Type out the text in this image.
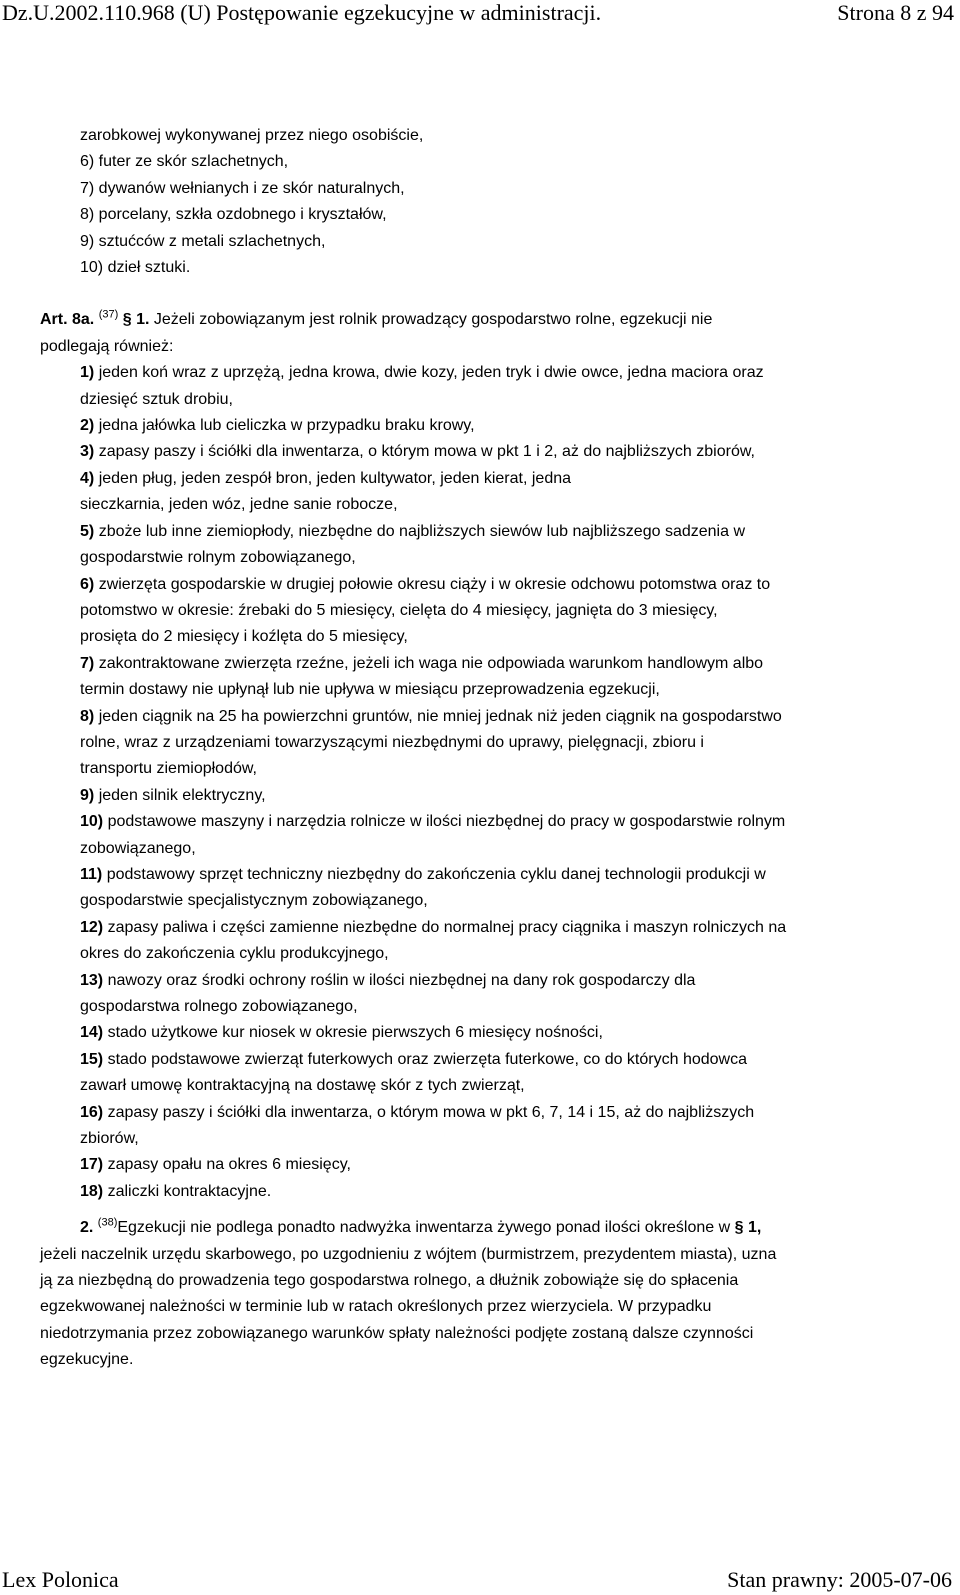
Dz.U.2002.110.968 (U) Postępowanie egzekucyjne w administracji.	Strona 8 z 94
zarobkowej wykonywanej przez niego osobiście,
6) futer ze skór szlachetnych,
7) dywanów wełnianych i ze skór naturalnych,
8) porcelany, szkła ozdobnego i kryształów,
9) sztućców z metali szlachetnych,
10) dzieł sztuki.
Art. 8a. $^{(37)}$ § 1. Jeżeli zobowiązanym jest rolnik prowadzący gospodarstwo rolne, egzekucji nie
podlegają również:
1) jeden koń wraz z uprzężą, jedna krowa, dwie kozy, jeden tryk i dwie owce, jedna maciora oraz
dziesięć sztuk drobiu,
2) jedna jałówka lub cieliczka w przypadku braku krowy,
3) zapasy paszy i ściółki dla inwentarza, o którym mowa w pkt 1 i 2, aż do najbliższych zbiorów,
4) jeden pług, jeden zespół bron, jeden kultywator, jeden kierat, jedna
sieczkarnia, jeden wóz, jedne sanie robocze,
5) zboże lub inne ziemiopłody, niezbędne do najbliższych siewów lub najbliższego sadzenia w
gospodarstwie rolnym zobowiązanego,
6) zwierzęta gospodarskie w drugiej połowie okresu ciąży i w okresie odchowu potomstwa oraz to
potomstwo w okresie: źrebaki do 5 miesięcy, cielęta do 4 miesięcy, jagnięta do 3 miesięcy,
prosięta do 2 miesięcy i koźlęta do 5 miesięcy,
7) zakontraktowane zwierzęta rzeźne, jeżeli ich waga nie odpowiada warunkom handlowym albo
termin dostawy nie upłynął lub nie upływa w miesiącu przeprowadzenia egzekucji,
8) jeden ciągnik na 25 ha powierzchni gruntów, nie mniej jednak niż jeden ciągnik na gospodarstwo
rolne, wraz z urządzeniami towarzyszącymi niezbędnymi do uprawy, pielęgnacji, zbioru i
transportu ziemiopłodów,
9) jeden silnik elektryczny,
10) podstawowe maszyny i narzędzia rolnicze w ilości niezbędnej do pracy w gospodarstwie rolnym
zobowiązanego,
11) podstawowy sprzęt techniczny niezbędny do zakończenia cyklu danej technologii produkcji w
gospodarstwie specjalistycznym zobowiązanego,
12) zapasy paliwa i części zamienne niezbędne do normalnej pracy ciągnika i maszyn rolniczych na
okres do zakończenia cyklu produkcyjnego,
13) nawozy oraz środki ochrony roślin w ilości niezbędnej na dany rok gospodarczy dla
gospodarstwa rolnego zobowiązanego,
14) stado użytkowe kur niosek w okresie pierwszych 6 miesięcy nośności,
15) stado podstawowe zwierząt futerkowych oraz zwierzęta futerkowe, co do których hodowca
zawarł umowę kontraktacyjną na dostawę skór z tych zwierząt,
16) zapasy paszy i ściółki dla inwentarza, o którym mowa w pkt 6, 7, 14 i 15, aż do najbliższych
zbiorów,
17) zapasy opału na okres 6 miesięcy,
18) zaliczki kontraktacyjne.
2. $^{(38)}$Egzekucji nie podlega ponadto nadwyżka inwentarza żywego ponad ilości określone w § 1,
jeżeli naczelnik urzędu skarbowego, po uzgodnieniu z wójtem (burmistrzem, prezydentem miasta), uzna
ją za niezbędną do prowadzenia tego gospodarstwa rolnego, a dłużnik zobowiąże się do spłacenia
egzekwowanej należności w terminie lub w ratach określonych przez wierzyciela. W przypadku
niedotrzymania przez zobowiązanego warunków spłaty należności podjęte zostaną dalsze czynności
egzekucyjne.
Lex Polonica	Stan prawny: 2005-07-06
